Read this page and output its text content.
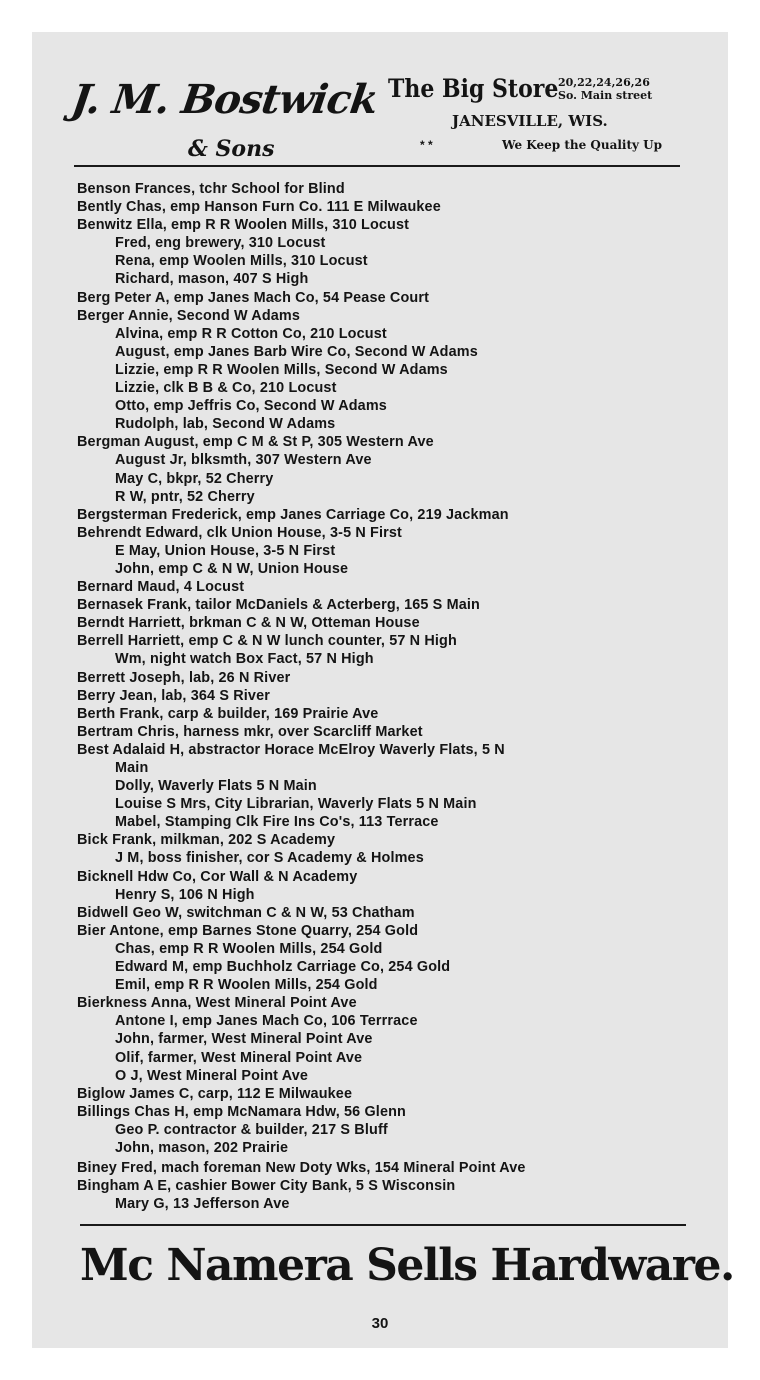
J. M. Bostwick
& Sons
The Big Store 20,22,24,26,26
So. Main street
JANESVILLE, WIS.
* *	We Keep the Quality Up
Benson Frances, tchr School for Blind
Bently Chas, emp Hanson Furn Co. 111 E Milwaukee
Benwitz Ella, emp R R Woolen Mills, 310 Locust
Fred, eng brewery, 310 Locust
Rena, emp Woolen Mills, 310 Locust
Richard, mason, 407 S High
Berg Peter A, emp Janes Mach Co, 54 Pease Court
Berger Annie, Second W Adams
Alvina, emp R R Cotton Co, 210 Locust
August, emp Janes Barb Wire Co, Second W Adams
Lizzie, emp R R Woolen Mills, Second W Adams
Lizzie, clk B B & Co, 210 Locust
Otto, emp Jeffris Co, Second W Adams
Rudolph, lab, Second W Adams
Bergman August, emp C M & St P, 305 Western Ave
August Jr, blksmth, 307 Western Ave
May C, bkpr, 52 Cherry
R W, pntr, 52 Cherry
Bergsterman Frederick, emp Janes Carriage Co, 219 Jackman
Behrendt Edward, clk Union House, 3-5 N First
E May, Union House, 3-5 N First
John, emp C & N W, Union House
Bernard Maud, 4 Locust
Bernasek Frank, tailor McDaniels & Acterberg, 165 S Main
Berndt Harriett, brkman C & N W, Otteman House
Berrell Harriett, emp C & N W lunch counter, 57 N High
Wm, night watch Box Fact, 57 N High
Berrett Joseph, lab, 26 N River
Berry Jean, lab, 364 S River
Berth Frank, carp & builder, 169 Prairie Ave
Bertram Chris, harness mkr, over Scarcliff Market
Best Adalaid H, abstractor Horace McElroy Waverly Flats, 5 N
Main
Dolly, Waverly Flats 5 N Main
Louise S Mrs, City Librarian, Waverly Flats 5 N Main
Mabel, Stamping Clk Fire Ins Co's, 113 Terrace
Bick Frank, milkman, 202 S Academy
J M, boss finisher, cor S Academy & Holmes
Bicknell Hdw Co, Cor Wall & N Academy
Henry S, 106 N High
Bidwell Geo W, switchman C & N W, 53 Chatham
Bier Antone, emp Barnes Stone Quarry, 254 Gold
Chas, emp R R Woolen Mills, 254 Gold
Edward M, emp Buchholz Carriage Co, 254 Gold
Emil, emp R R Woolen Mills, 254 Gold
Bierkness Anna, West Mineral Point Ave
Antone I, emp Janes Mach Co, 106 Terrrace
John, farmer, West Mineral Point Ave
Olif, farmer, West Mineral Point Ave
O J, West Mineral Point Ave
Biglow James C, carp, 112 E Milwaukee
Billings Chas H, emp McNamara Hdw, 56 Glenn
Geo P. contractor & builder, 217 S Bluff
John, mason, 202 Prairie
Biney Fred, mach foreman New Doty Wks, 154 Mineral Point Ave
Bingham A E, cashier Bower City Bank, 5 S Wisconsin
Mary G, 13 Jefferson Ave
Mc Namera Sells Hardware.
30
